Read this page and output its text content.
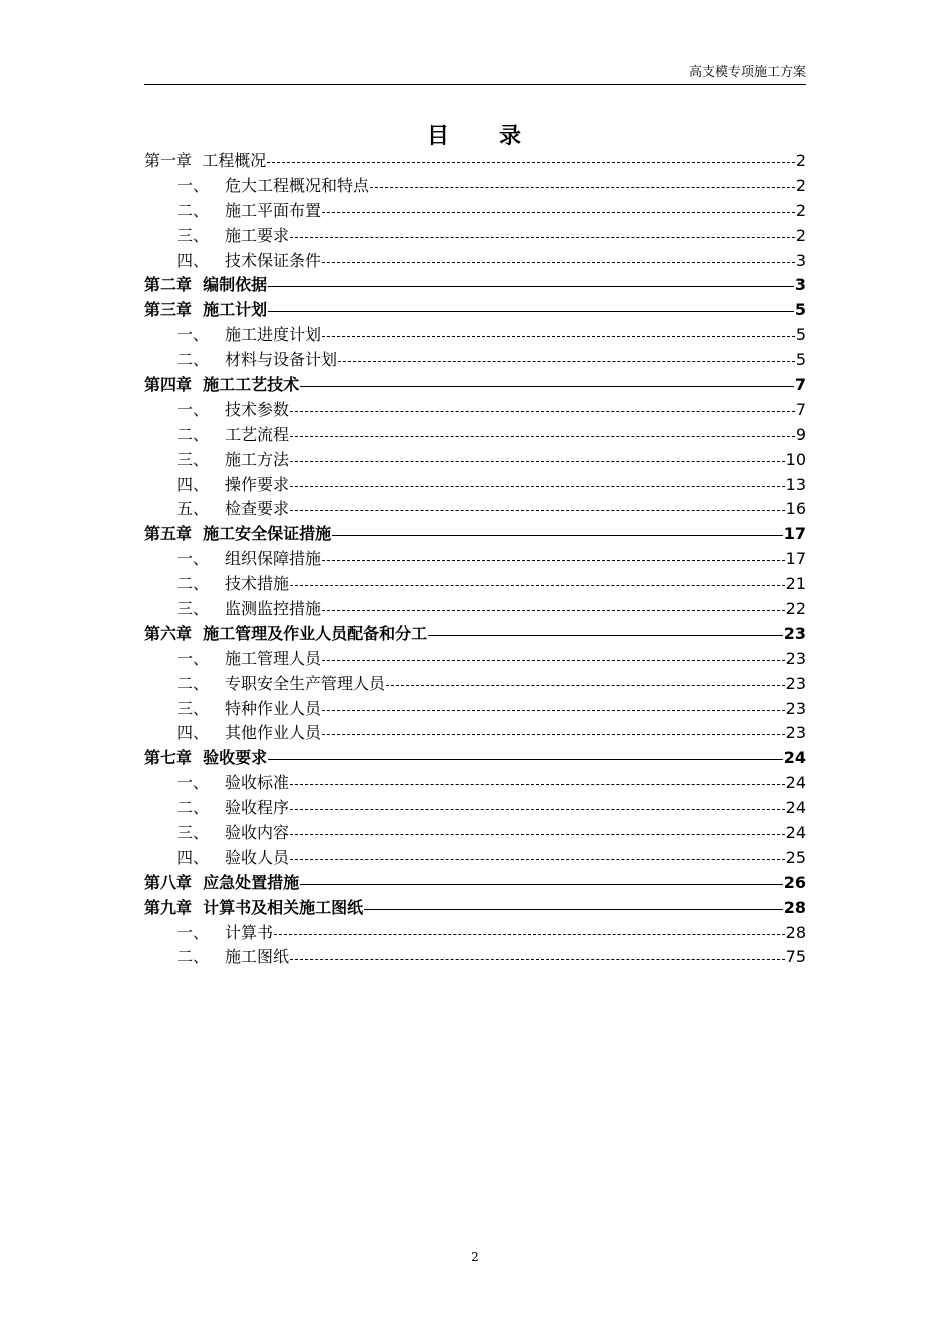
高支模专项施工方案
目 录
第一章 工程概况	2
一、 危大工程概况和特点	2
二、 施工平面布置	2
三、 施工要求	2
四、 技术保证条件	3
第二章 编制依据	3
第三章 施工计划	5
一、 施工进度计划	5
二、 材料与设备计划	5
第四章 施工工艺技术	7
一、 技术参数	7
二、 工艺流程	9
三、 施工方法	10
四、 操作要求	13
五、 检查要求	16
第五章 施工安全保证措施	17
一、 组织保障措施	17
二、 技术措施	21
三、 监测监控措施	22
第六章 施工管理及作业人员配备和分工	23
一、 施工管理人员	23
二、 专职安全生产管理人员	23
三、 特种作业人员	23
四、 其他作业人员	23
第七章 验收要求	24
一、 验收标准	24
二、 验收程序	24
三、 验收内容	24
四、 验收人员	25
第八章 应急处置措施	26
第九章 计算书及相关施工图纸	28
一、 计算书	28
二、 施工图纸	75
2
